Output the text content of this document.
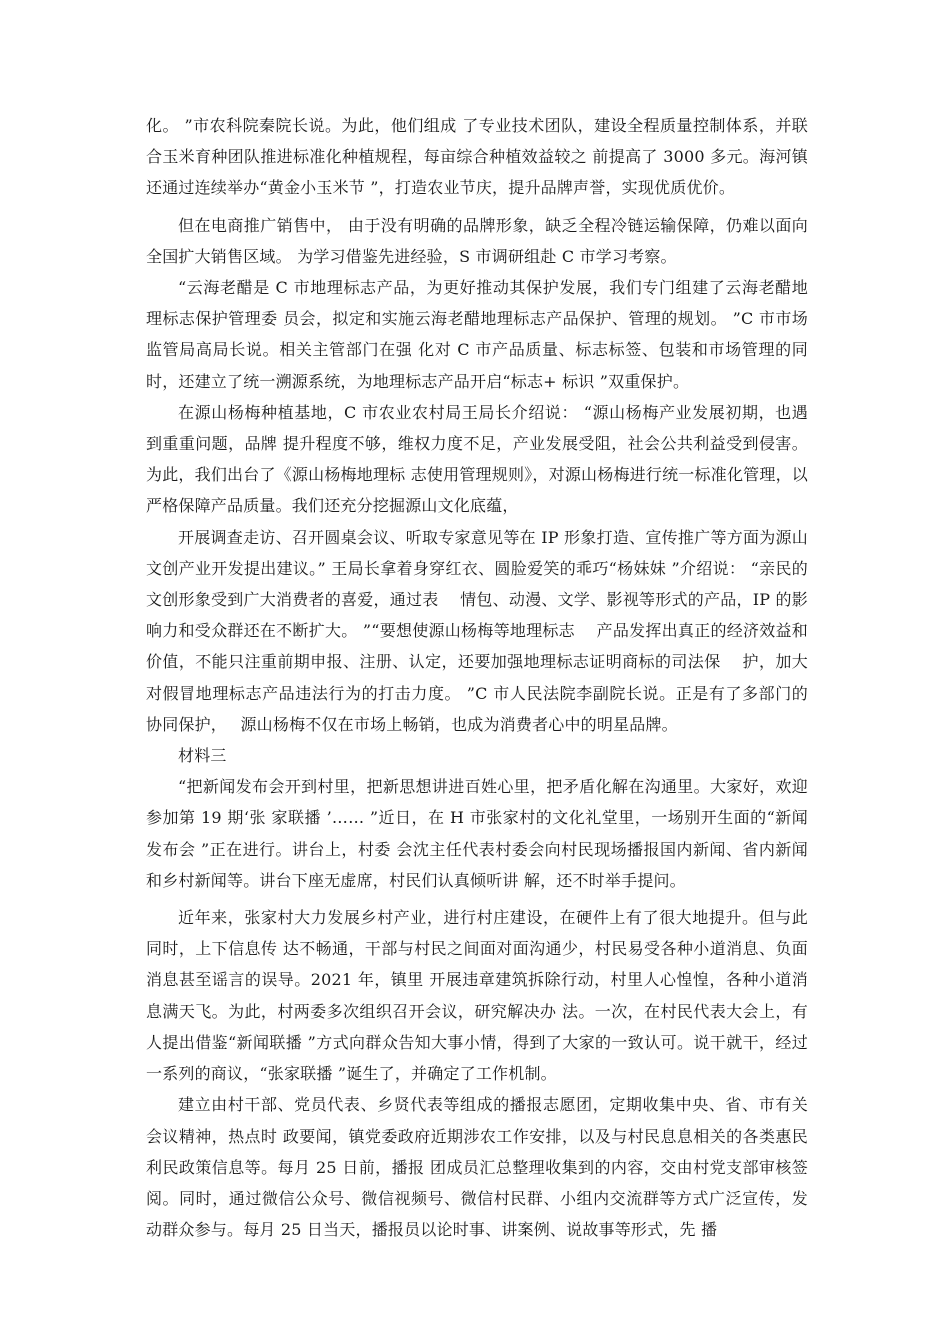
化。 ”市农科院秦院长说。为此，他们组成 了专业技术团队，建设全程质量控制体系，并联合玉米育种团队推进标准化种植规程，每亩综合种植效益较之 前提高了 3000 多元。海河镇还通过连续举办“黄金小玉米节 ”，打造农业节庆，提升品牌声誉，实现优质优价。

但在电商推广销售中， 由于没有明确的品牌形象，缺乏全程冷链运输保障，仍难以面向全国扩大销售区域。 为学习借鉴先进经验，S 市调研组赴 C 市学习考察。

“云海老醋是 C 市地理标志产品，为更好推动其保护发展，我们专门组建了云海老醋地理标志保护管理委 员会，拟定和实施云海老醋地理标志产品保护、管理的规划。 ”C 市市场监管局高局长说。相关主管部门在强 化对 C 市产品质量、标志标签、包装和市场管理的同时，还建立了统一溯源系统，为地理标志产品开启“标志+ 标识 ”双重保护。

在源山杨梅种植基地，C 市农业农村局王局长介绍说： “源山杨梅产业发展初期，也遇到重重问题，品牌 提升程度不够，维权力度不足，产业发展受阻，社会公共利益受到侵害。为此，我们出台了《源山杨梅地理标 志使用管理规则》，对源山杨梅进行统一标准化管理，以严格保障产品质量。我们还充分挖掘源山文化底蕴，

开展调查走访、召开圆桌会议、听取专家意见等在 IP 形象打造、宣传推广等方面为源山文创产业开发提出建议。” 王局长拿着身穿红衣、圆脸爱笑的乖巧“杨妹妹 ”介绍说： “亲民的文创形象受到广大消费者的喜爱，通过表　 情包、动漫、文学、影视等形式的产品，IP 的影响力和受众群还在不断扩大。 ”“要想使源山杨梅等地理标志　 产品发挥出真正的经济效益和价值，不能只注重前期申报、注册、认定，还要加强地理标志证明商标的司法保　 护，加大对假冒地理标志产品违法行为的打击力度。 ”C 市人民法院李副院长说。正是有了多部门的协同保护，　 源山杨梅不仅在市场上畅销，也成为消费者心中的明星品牌。

材料三

“把新闻发布会开到村里，把新思想讲进百姓心里，把矛盾化解在沟通里。大家好，欢迎参加第 19 期‘张 家联播 ’…… ”近日，在 H 市张家村的文化礼堂里，一场别开生面的“新闻发布会 ”正在进行。讲台上，村委 会沈主任代表村委会向村民现场播报国内新闻、省内新闻和乡村新闻等。讲台下座无虚席，村民们认真倾听讲 解，还不时举手提问。

近年来，张家村大力发展乡村产业，进行村庄建设，在硬件上有了很大地提升。但与此同时，上下信息传 达不畅通，干部与村民之间面对面沟通少，村民易受各种小道消息、负面消息甚至谣言的误导。2021 年，镇里 开展违章建筑拆除行动，村里人心惶惶，各种小道消息满天飞。为此，村两委多次组织召开会议，研究解决办 法。一次，在村民代表大会上，有人提出借鉴“新闻联播 ”方式向群众告知大事小情，得到了大家的一致认可。说干就干，经过一系列的商议，“张家联播 ”诞生了，并确定了工作机制。

建立由村干部、党员代表、乡贤代表等组成的播报志愿团，定期收集中央、省、市有关会议精神，热点时 政要闻，镇党委政府近期涉农工作安排，以及与村民息息相关的各类惠民利民政策信息等。每月 25 日前，播报 团成员汇总整理收集到的内容，交由村党支部审核签阅。同时，通过微信公众号、微信视频号、微信村民群、小组内交流群等方式广泛宣传，发动群众参与。每月 25 日当天，播报员以论时事、讲案例、说故事等形式，先 播
